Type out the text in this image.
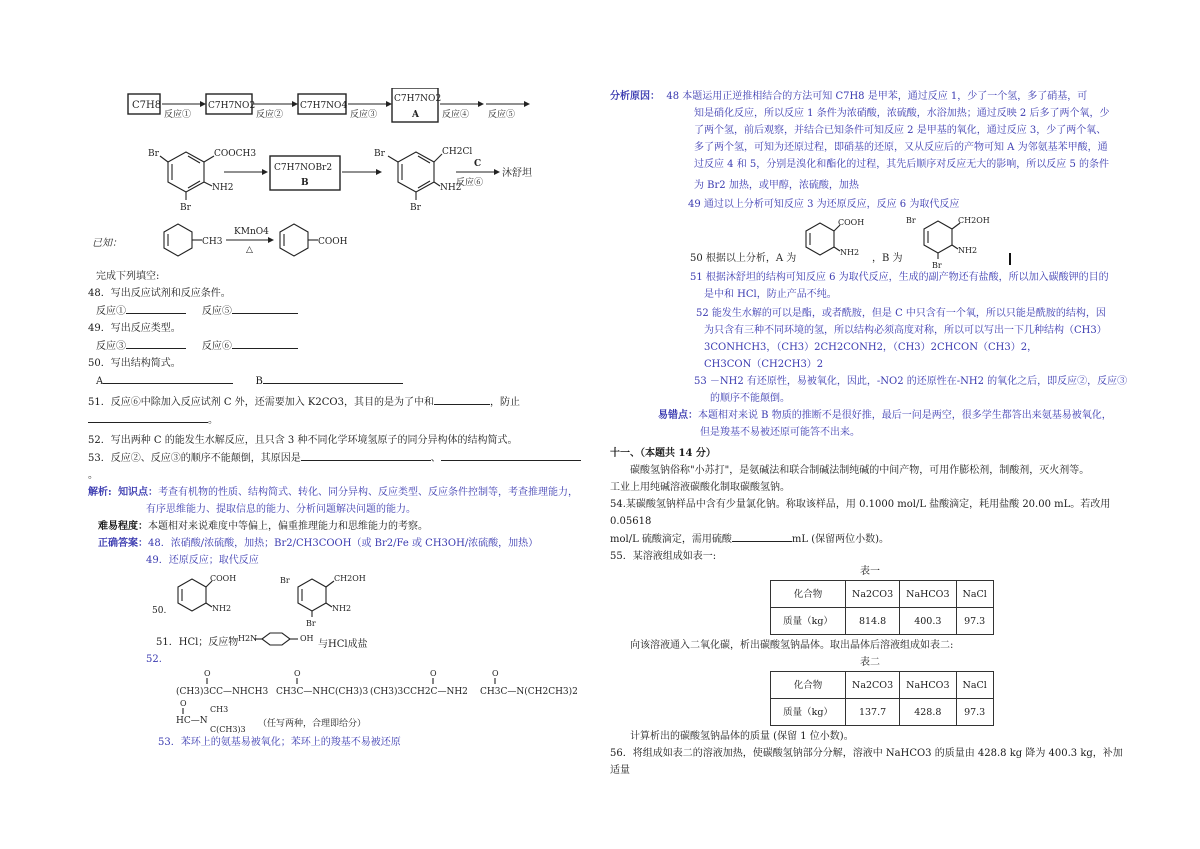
C7H8
反应①
C7H7NO2
反应②
C7H7NO4
反应③
C7H7NO2
A	反应④ 反应⑤
COOCH3
NH2
Br
Br
C7H7NOBr2
B
CH2Cl
NH2
Br
Br
C
反应⑥
沐舒坦
已知：	CH3
KMnO4
△
COOH

完成下列填空:

48．写出反应试剂和反应条件。

反应①	反应⑤

49．写出反应类型。

反应③	反应⑥

50．写出结构简式。

A	B

51．反应⑥中除加入反应试剂 C 外，还需要加入 K2CO3，其目的是为了中和	，防止

。

52．写出两种 C 的能发生水解反应，且只含 3 种不同化学环境氢原子的同分异构体的结构简式。

53．反应②、反应③的顺序不能颠倒，其原因是	、。

解析: 知识点：考查有机物的性质、结构简式、转化、同分异构、反应类型、反应条件控制等，考查推理能力，

有序思维能力、提取信息的能力、分析问题解决问题的能力。

难易程度：本题相对来说难度中等偏上，偏重推理能力和思维能力的考察。

正确答案：48．浓硝酸/浓硫酸，加热；Br2/CH3COOH（或 Br2/Fe 或 CH3OH/浓硫酸，加热）

49．还原反应；取代反应

50.
COOH
NH2
CH2OH
NH2
Br
Br
51．HCl；反应物 H2N	OH
与HCl成盐

52.

O
(CH3)3CC—NHCH3
O
CH3C—NHC(CH3)3
O
(CH3)3CCH2C—NH2
O
CH3C—N(CH2CH3)2
O
HC—N
CH3
C(CH3)3
（任写两种，合理即给分）

53．苯环上的氨基易被氧化；苯环上的羧基不易被还原

分析原因： 48 本题运用正逆推相结合的方法可知 C7H8 是甲苯，通过反应 1，少了一个氢，多了硝基，可

知是硝化反应，所以反应 1 条件为浓硝酸，浓硫酸，水浴加热；通过反映 2 后多了两个氧，少

了两个氢，前后观察，并结合已知条件可知反应 2 是甲基的氧化，通过反应 3，少了两个氧、

多了两个氢，可知为还原过程，即硝基的还原，又从反应后的产物可知 A 为邻氨基苯甲酸，通

过反应 4 和 5，分别是溴化和酯化的过程，其先后顺序对反应无大的影响，所以反应 5 的条件

为 Br2 加热，或甲醇，浓硫酸，加热

49 通过以上分析可知反应 3 为还原反应，反应 6 为取代反应

50 根据以上分析，A 为
COOH
NH2
，B 为
CH2OH
NH2
Br
Br

51 根据沐舒坦的结构可知反应 6 为取代反应，生成的副产物还有盐酸，所以加入碳酸钾的目的

是中和 HCl，防止产品不纯。

52 能发生水解的可以是酯，或者酰胺，但是 C 中只含有一个氧，所以只能是酰胺的结构，因

为只含有三种不同环境的氢，所以结构必须高度对称，所以可以写出一下几种结构（CH3）

3CONHCH3，（CH3）2CH2CONH2，（CH3）2CHCON（CH3）2，

CH3CON（CH2CH3）2

53 －NH2 有还原性，易被氧化，因此，-NO2 的还原性在-NH2 的氧化之后，即反应②，反应③

的顺序不能颠倒。

易错点：本题相对来说 B 物质的推断不是很好推，最后一问是两空，很多学生都答出来氨基易被氧化，

但是羧基不易被还原可能答不出来。

十一、（本题共 14 分）

碳酸氢钠俗称"小苏打"，是氨碱法和联合制碱法制纯碱的中间产物，可用作膨松剂，制酸剂，灭火剂等。

工业上用纯碱溶液碳酸化制取碳酸氢钠。

54.某碳酸氢钠样品中含有少量氯化钠。称取该样品，用 0.1000 mol/L 盐酸滴定，耗用盐酸 20.00 mL。若改用 0.05618

mol/L 硫酸滴定，需用硫酸	mL (保留两位小数)。

55．某溶液组成如表一:

表一

化合物	Na2CO3	NaHCO3	NaCl
质量（kg）	814.8	400.3	97.3

向该溶液通入二氧化碳，析出碳酸氢钠晶体。取出晶体后溶液组成如表二:

表二

化合物	Na2CO3	NaHCO3	NaCl
质量（kg）	137.7	428.8	97.3

计算析出的碳酸氢钠晶体的质量 (保留 1 位小数)。

56．将组成如表二的溶液加热，使碳酸氢钠部分分解，溶液中 NaHCO3 的质量由 428.8 kg 降为 400.3 kg，补加适量
